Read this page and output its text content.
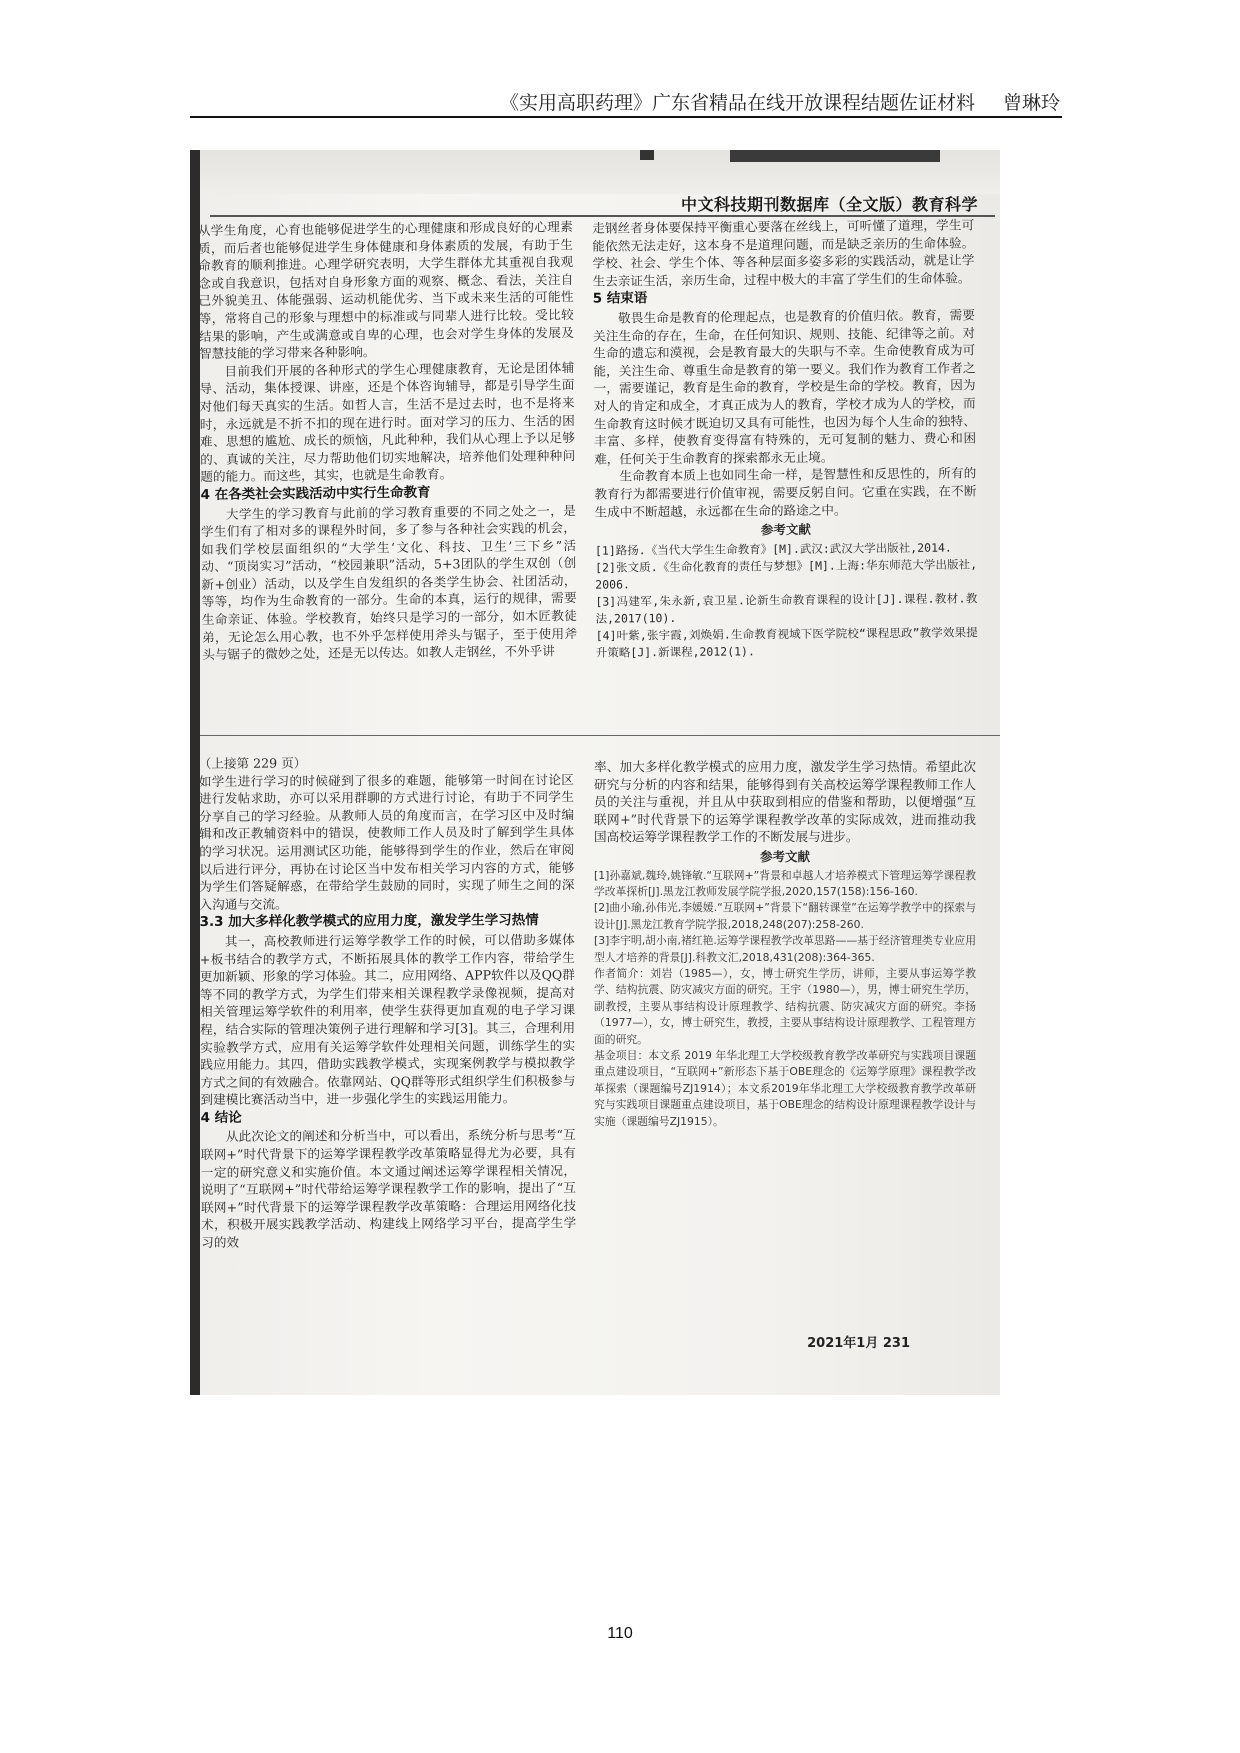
《实用高职药理》广东省精品在线开放课程结题佐证材料 曾琳玲
中文科技期刊数据库（全文版）教育科学

从学生角度，心育也能够促进学生的心理健康和形成良好的心理素质，而后者也能够促进学生身体健康和身体素质的发展，有助于生命教育的顺利推进。心理学研究表明，大学生群体尤其重视自我观念或自我意识，包括对自身形象方面的观察、概念、看法，关注自己外貌美丑、体能强弱、运动机能优劣、当下或未来生活的可能性等，常将自己的形象与理想中的标准或与同辈人进行比较。受比较结果的影响，产生或满意或自卑的心理，也会对学生身体的发展及智慧技能的学习带来各种影响。

目前我们开展的各种形式的学生心理健康教育，无论是团体辅导、活动，集体授课、讲座，还是个体咨询辅导，都是引导学生面对他们每天真实的生活。如哲人言，生活不是过去时，也不是将来时，永远就是不折不扣的现在进行时。面对学习的压力、生活的困难、思想的尴尬、成长的烦恼，凡此种种，我们从心理上予以足够的、真诚的关注，尽力帮助他们切实地解决，培养他们处理种种问题的能力。而这些，其实，也就是生命教育。

4 在各类社会实践活动中实行生命教育

大学生的学习教育与此前的学习教育重要的不同之处之一，是学生们有了相对多的课程外时间，多了参与各种社会实践的机会，如我们学校层面组织的“大学生‘文化、科技、卫生’三下乡”活动、“顶岗实习”活动，“校园兼职”活动，5+3团队的学生双创（创新+创业）活动，以及学生自发组织的各类学生协会、社团活动，等等，均作为生命教育的一部分。生命的本真，运行的规律，需要生命亲证、体验。学校教育，始终只是学习的一部分，如木匠教徒弟，无论怎么用心教，也不外乎怎样使用斧头与锯子，至于使用斧头与锯子的微妙之处，还是无以传达。如教人走钢丝，不外乎讲

走钢丝者身体要保持平衡重心要落在丝线上，可听懂了道理，学生可能依然无法走好，这本身不是道理问题，而是缺乏亲历的生命体验。学校、社会、学生个体、等各种层面多姿多彩的实践活动，就是让学生去亲证生活，亲历生命，过程中极大的丰富了学生们的生命体验。

5 结束语

敬畏生命是教育的伦理起点，也是教育的价值归依。教育，需要关注生命的存在，生命，在任何知识、规则、技能、纪律等之前。对生命的遗忘和漠视，会是教育最大的失职与不幸。生命使教育成为可能，关注生命、尊重生命是教育的第一要义。我们作为教育工作者之一，需要谨记，教育是生命的教育，学校是生命的学校。教育，因为对人的肯定和成全，才真正成为人的教育，学校才成为人的学校，而生命教育这时候才既迫切又具有可能性，也因为每个人生命的独特、丰富、多样，使教育变得富有特殊的，无可复制的魅力、费心和困难，任何关于生命教育的探索都永无止境。

生命教育本质上也如同生命一样，是智慧性和反思性的，所有的教育行为都需要进行价值审视，需要反躬自问。它重在实践，在不断生成中不断超越，永远都在生命的路途之中。

参考文献

[1]路扬.《当代大学生生命教育》[M].武汉:武汉大学出版社,2014.

[2]张文质.《生命化教育的责任与梦想》[M].上海:华东师范大学出版社,2006.

[3]冯建军,朱永新,袁卫星.论新生命教育课程的设计[J].课程.教材.教法,2017(10).

[4]叶紫,张宇霞,刘焕娟.生命教育视域下医学院校“课程思政”教学效果提升策略[J].新课程,2012(1).

（上接第 229 页）

如学生进行学习的时候碰到了很多的难题，能够第一时间在讨论区进行发帖求助，亦可以采用群聊的方式进行讨论，有助于不同学生分享自己的学习经验。从教师人员的角度而言，在学习区中及时编辑和改正教辅资料中的错误，使教师工作人员及时了解到学生具体的学习状况。运用测试区功能，能够得到学生的作业，然后在审阅以后进行评分，再协在讨论区当中发布相关学习内容的方式，能够为学生们答疑解惑，在带给学生鼓励的同时，实现了师生之间的深入沟通与交流。

3.3 加大多样化教学模式的应用力度，激发学生学习热情

其一，高校教师进行运筹学教学工作的时候，可以借助多媒体+板书结合的教学方式，不断拓展具体的教学工作内容，带给学生更加新颖、形象的学习体验。其二，应用网络、APP软件以及QQ群等不同的教学方式，为学生们带来相关课程教学录像视频，提高对相关管理运筹学软件的利用率，使学生获得更加直观的电子学习课程，结合实际的管理决策例子进行理解和学习[3]。其三，合理利用实验教学方式，应用有关运筹学软件处理相关问题，训练学生的实践应用能力。其四，借助实践教学模式，实现案例教学与模拟教学方式之间的有效融合。依靠网站、QQ群等形式组织学生们积极参与到建模比赛活动当中，进一步强化学生的实践运用能力。

4 结论

从此次论文的阐述和分析当中，可以看出，系统分析与思考“互联网+”时代背景下的运筹学课程教学改革策略显得尤为必要，具有一定的研究意义和实施价值。本文通过阐述运筹学课程相关情况，说明了“互联网+”时代带给运筹学课程教学工作的影响，提出了“互联网+”时代背景下的运筹学课程教学改革策略：合理运用网络化技术，积极开展实践教学活动、构建线上网络学习平台，提高学生学习的效

率、加大多样化教学模式的应用力度，激发学生学习热情。希望此次研究与分析的内容和结果，能够得到有关高校运筹学课程教师工作人员的关注与重视，并且从中获取到相应的借鉴和帮助，以便增强“互联网+”时代背景下的运筹学课程教学改革的实际成效，进而推动我国高校运筹学课程教学工作的不断发展与进步。

参考文献

[1]孙嘉斌,魏玲,姚锋敏.“互联网+”背景和卓越人才培养模式下管理运筹学课程教学改革探析[J].黑龙江教师发展学院学报,2020,157(158):156-160.

[2]曲小瑜,孙伟光,李媛媛.“互联网+”背景下“翻转课堂”在运筹学教学中的探索与设计[J].黑龙江教育学院学报,2018,248(207):258-260.

[3]李宇明,胡小南,褚红艳.运筹学课程教学改革思路——基于经济管理类专业应用型人才培养的背景[J].科教文汇,2018,431(208):364-365.

作者简介：刘岩（1985—），女，博士研究生学历，讲师，主要从事运筹学教学、结构抗震、防灾减灾方面的研究。王宇（1980—），男，博士研究生学历，副教授，主要从事结构设计原理教学、结构抗震、防灾减灾方面的研究。李扬（1977—），女，博士研究生，教授，主要从事结构设计原理教学、工程管理方面的研究。

基金项目：本文系 2019 年华北理工大学校级教育教学改革研究与实践项目课题重点建设项目，“互联网+”新形态下基于OBE理念的《运筹学原理》课程教学改革探索（课题编号ZJ1914）；本文系2019年华北理工大学校级教育教学改革研究与实践项目课题重点建设项目，基于OBE理念的结构设计原理课程教学设计与实施（课题编号ZJ1915）。

2021年1月 231
110
